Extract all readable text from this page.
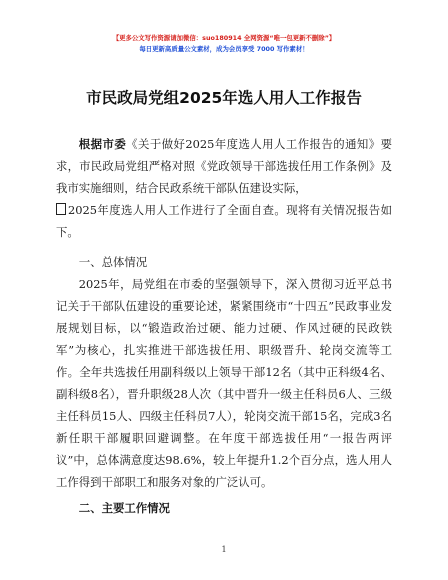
【更多公文写作资源请加微信：suo180914 全网资源“唯一包更新不删除”】
每日更新高质量公文素材，成为会员享受 7000 写作素材！
市民政局党组2025年选人用人工作报告

根据市委《关于做好2025年度选人用人工作报告的通知》要求，市民政局党组严格对照《党政领导干部选拔任用工作条例》及我市实施细则，结合民政系统干部队伍建设实际，
2025年度选人用人工作进行了全面自查。现将有关情况报告如下。

一、总体情况

2025年，局党组在市委的坚强领导下，深入贯彻习近平总书记关于干部队伍建设的重要论述，紧紧围绕市“十四五”民政事业发展规划目标，以“锻造政治过硬、能力过硬、作风过硬的民政铁军”为核心，扎实推进干部选拔任用、职级晋升、轮岗交流等工作。全年共选拔任用副科级以上领导干部12名（其中正科级4名、副科级8名），晋升职级28人次（其中晋升一级主任科员6人、三级主任科员15人、四级主任科员7人），轮岗交流干部15名，完成3名新任职干部履职回避调整。在年度干部选拔任用“一报告两评议”中，总体满意度达98.6%，较上年提升1.2个百分点，选人用人工作得到干部职工和服务对象的广泛认可。

二、主要工作情况

1
